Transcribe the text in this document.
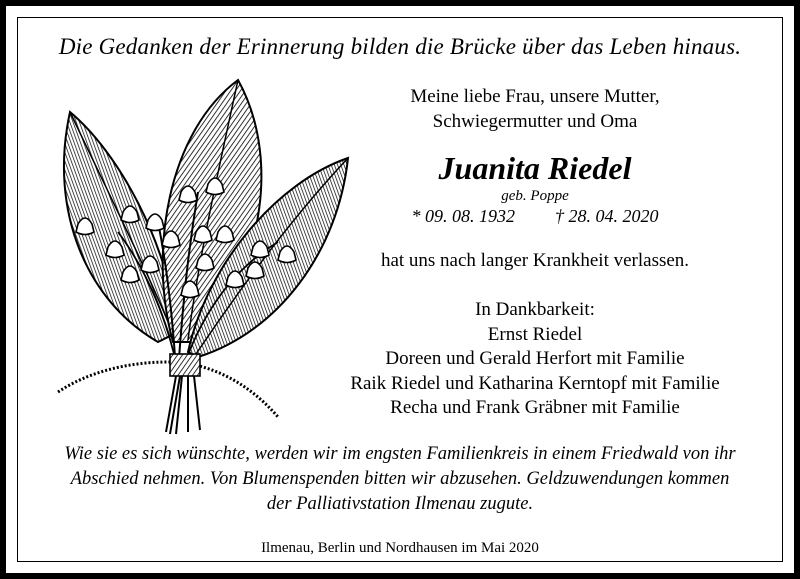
Die Gedanken der Erinnerung bilden die Brücke über das Leben hinaus.
Meine liebe Frau, unsere Mutter,
Schwiegermutter und Oma
Juanita Riedel
geb. Poppe
* 09. 08. 1932 † 28. 04. 2020
hat uns nach langer Krankheit verlassen.
In Dankbarkeit:
Ernst Riedel
Doreen und Gerald Herfort mit Familie
Raik Riedel und Katharina Kerntopf mit Familie
Recha und Frank Gräbner mit Familie
Wie sie es sich wünschte, werden wir im engsten Familienkreis in einem Friedwald von ihr
Abschied nehmen. Von Blumenspenden bitten wir abzusehen. Geldzuwendungen kommen
der Palliativstation Ilmenau zugute.
Ilmenau, Berlin und Nordhausen im Mai 2020
